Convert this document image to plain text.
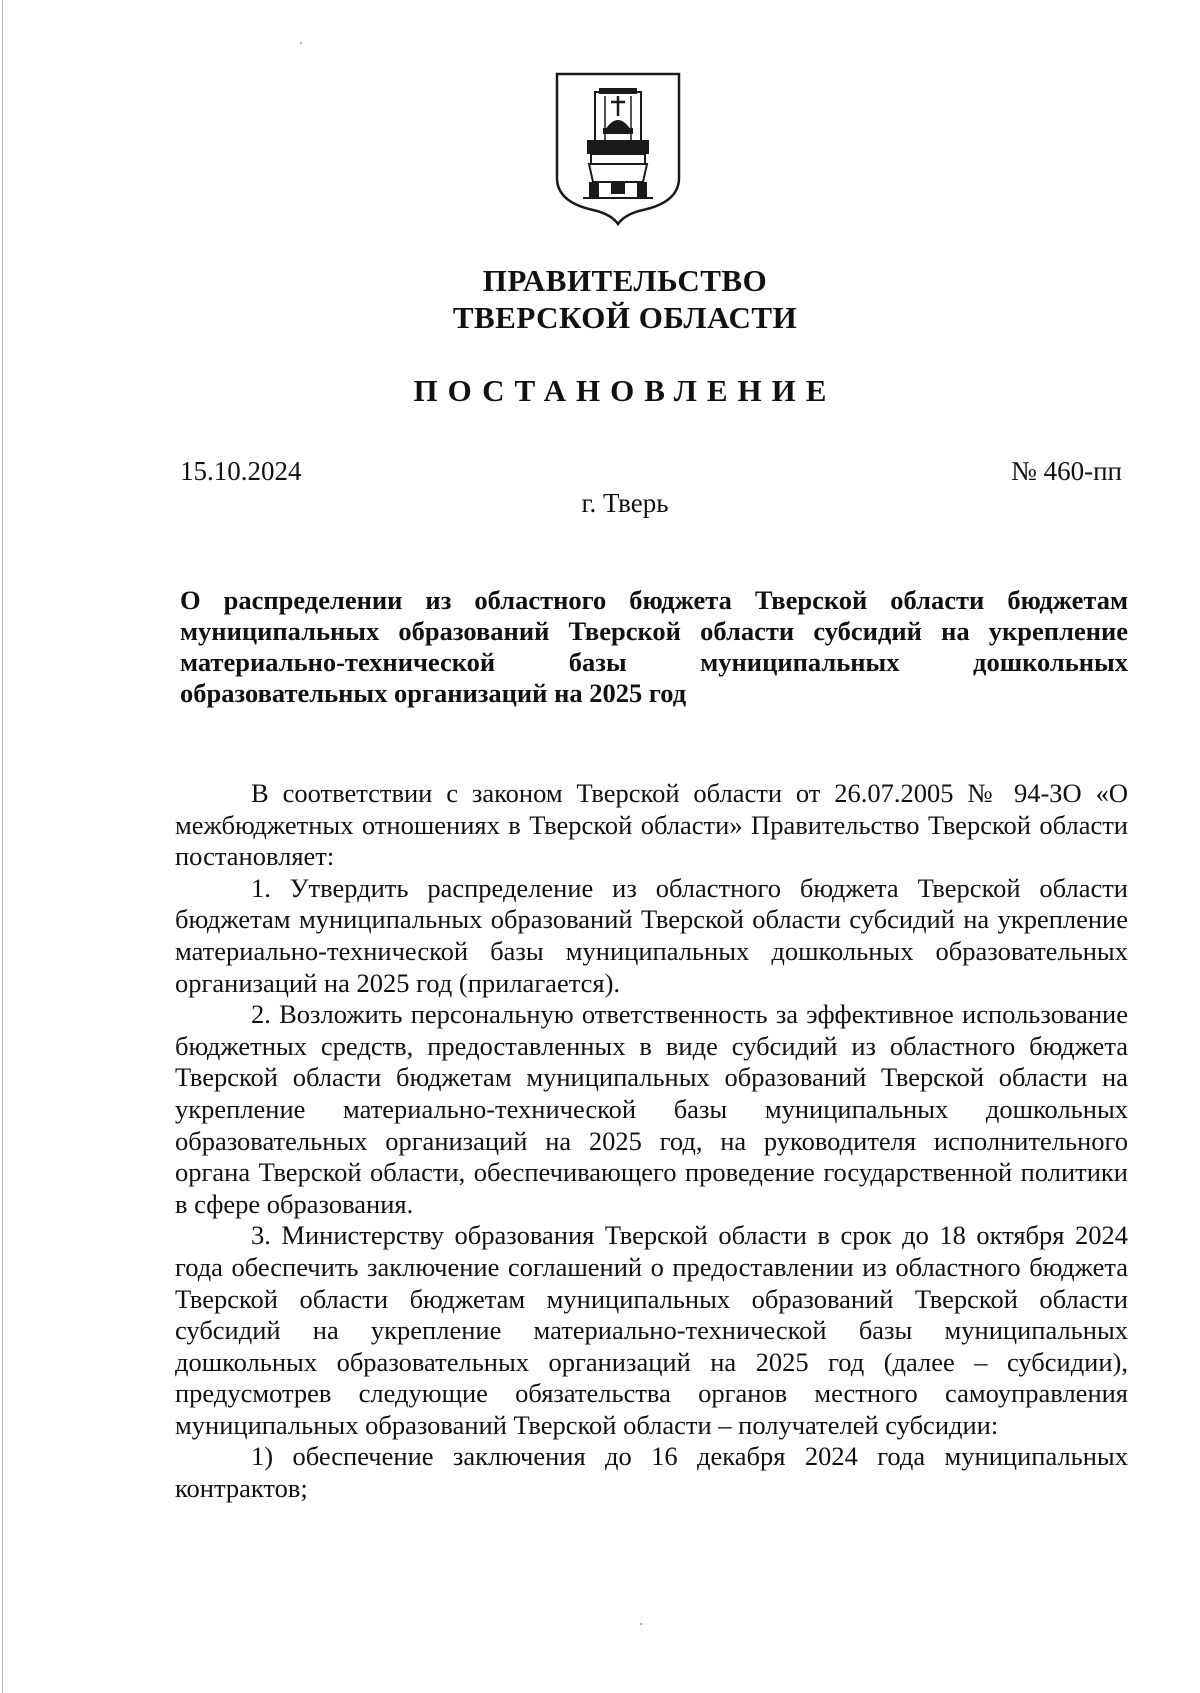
ПРАВИТЕЛЬСТВО
ТВЕРСКОЙ ОБЛАСТИ
ПОСТАНОВЛЕНИЕ
15.10.2024	№ 460-пп
г. Тверь
О распределении из областного бюджета Тверской области бюджетам муниципальных образований Тверской области субсидий на укрепление материально-технической базы муниципальных дошкольных образовательных организаций на 2025 год

В соответствии с законом Тверской области от 26.07.2005 № 94-ЗО «О межбюджетных отношениях в Тверской области» Правительство Тверской области постановляет:

1. Утвердить распределение из областного бюджета Тверской области бюджетам муниципальных образований Тверской области субсидий на укрепление материально-технической базы муниципальных дошкольных образовательных организаций на 2025 год (прилагается).

2. Возложить персональную ответственность за эффективное использование бюджетных средств, предоставленных в виде субсидий из областного бюджета Тверской области бюджетам муниципальных образований Тверской области на укрепление материально-технической базы муниципальных дошкольных образовательных организаций на 2025 год, на руководителя исполнительного органа Тверской области, обеспечивающего проведение государственной политики в сфере образования.

3. Министерству образования Тверской области в срок до 18 октября 2024 года обеспечить заключение соглашений о предоставлении из областного бюджета Тверской области бюджетам муниципальных образований Тверской области субсидий на укрепление материально-технической базы муниципальных дошкольных образовательных организаций на 2025 год (далее – субсидии), предусмотрев следующие обязательства органов местного самоуправления муниципальных образований Тверской области – получателей субсидии:

1) обеспечение заключения до 16 декабря 2024 года муниципальных контрактов;
